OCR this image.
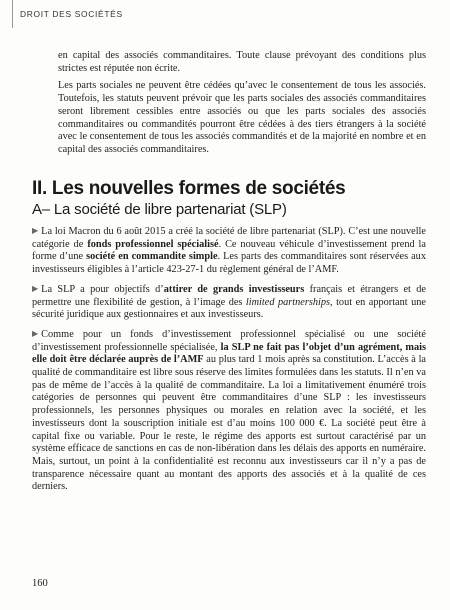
DROIT DES SOCIÉTÉS

en capital des associés commanditaires. Toute clause prévoyant des conditions plus strictes est réputée non écrite.

Les parts sociales ne peuvent être cédées qu’avec le consentement de tous les associés. Toutefois, les statuts peuvent prévoir que les parts sociales des associés commanditaires seront librement cessibles entre associés ou que les parts sociales des associés commanditaires ou commandités pourront être cédées à des tiers étrangers à la société avec le consentement de tous les associés commandités et de la majorité en nombre et en capital des associés commanditaires.

II. Les nouvelles formes de sociétés
A– La société de libre partenariat (SLP)

▶ La loi Macron du 6 août 2015 a créé la société de libre partenariat (SLP). C’est une nouvelle catégorie de fonds professionnel spécialisé. Ce nouveau véhicule d’investissement prend la forme d’une société en commandite simple. Les parts des commanditaires sont réservées aux investisseurs éligibles à l’article 423-27-1 du règlement général de l’AMF.

▶ La SLP a pour objectifs d’attirer de grands investisseurs français et étrangers et de permettre une flexibilité de gestion, à l’image des limited partnerships, tout en apportant une sécurité juridique aux gestionnaires et aux investisseurs.

▶ Comme pour un fonds d’investissement professionnel spécialisé ou une société d’investissement professionnelle spécialisée, la SLP ne fait pas l’objet d’un agrément, mais elle doit être déclarée auprès de l’AMF au plus tard 1 mois après sa constitution. L’accès à la qualité de commanditaire est libre sous réserve des limites formulées dans les statuts. Il n’en va pas de même de l’accès à la qualité de commanditaire. La loi a limitativement énuméré trois catégories de personnes qui peuvent être commanditaires d’une SLP : les investisseurs professionnels, les personnes physiques ou morales en relation avec la société, et les investisseurs dont la souscription initiale est d’au moins 100 000 €. La société peut être à capital fixe ou variable. Pour le reste, le régime des apports est surtout caractérisé par un système efficace de sanctions en cas de non-libération dans les délais des apports en numéraire. Mais, surtout, un point à la confidentialité est reconnu aux investisseurs car il n’y a pas de transparence nécessaire quant au montant des apports des associés et à la qualité de ces derniers.

160
